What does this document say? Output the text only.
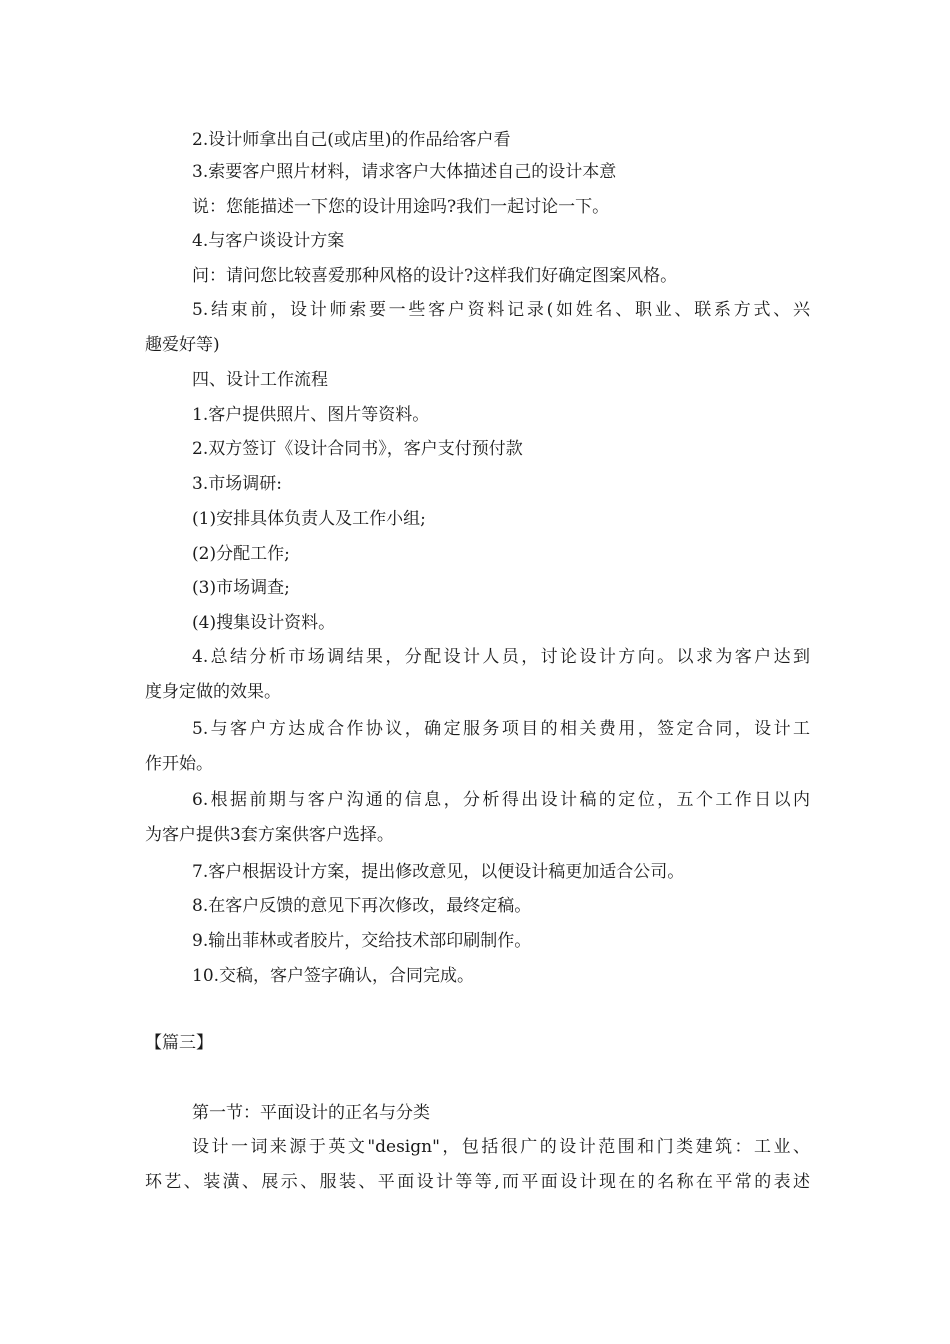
2.设计师拿出自己(或店里)的作品给客户看
3.索要客户照片材料，请求客户大体描述自己的设计本意
说：您能描述一下您的设计用途吗?我们一起讨论一下。
4.与客户谈设计方案
问：请问您比较喜爱那种风格的设计?这样我们好确定图案风格。
5.结束前，设计师索要一些客户资料记录(如姓名、职业、联系方式、兴
趣爱好等)
四、设计工作流程
1.客户提供照片、图片等资料。
2.双方签订《设计合同书》，客户支付预付款
3.市场调研:
(1)安排具体负责人及工作小组;
(2)分配工作;
(3)市场调查;
(4)搜集设计资料。
4.总结分析市场调结果，分配设计人员，讨论设计方向。以求为客户达到
度身定做的效果。
5.与客户方达成合作协议，确定服务项目的相关费用，签定合同，设计工
作开始。
6.根据前期与客户沟通的信息，分析得出设计稿的定位，五个工作日以内
为客户提供3套方案供客户选择。
7.客户根据设计方案，提出修改意见，以便设计稿更加适合公司。
8.在客户反馈的意见下再次修改，最终定稿。
9.输出菲林或者胶片，交给技术部印刷制作。
10.交稿，客户签字确认，合同完成。
【篇三】
第一节：平面设计的正名与分类
设计一词来源于英文"design"，包括很广的设计范围和门类建筑：工业、
环艺、装潢、展示、服装、平面设计等等,而平面设计现在的名称在平常的表述
